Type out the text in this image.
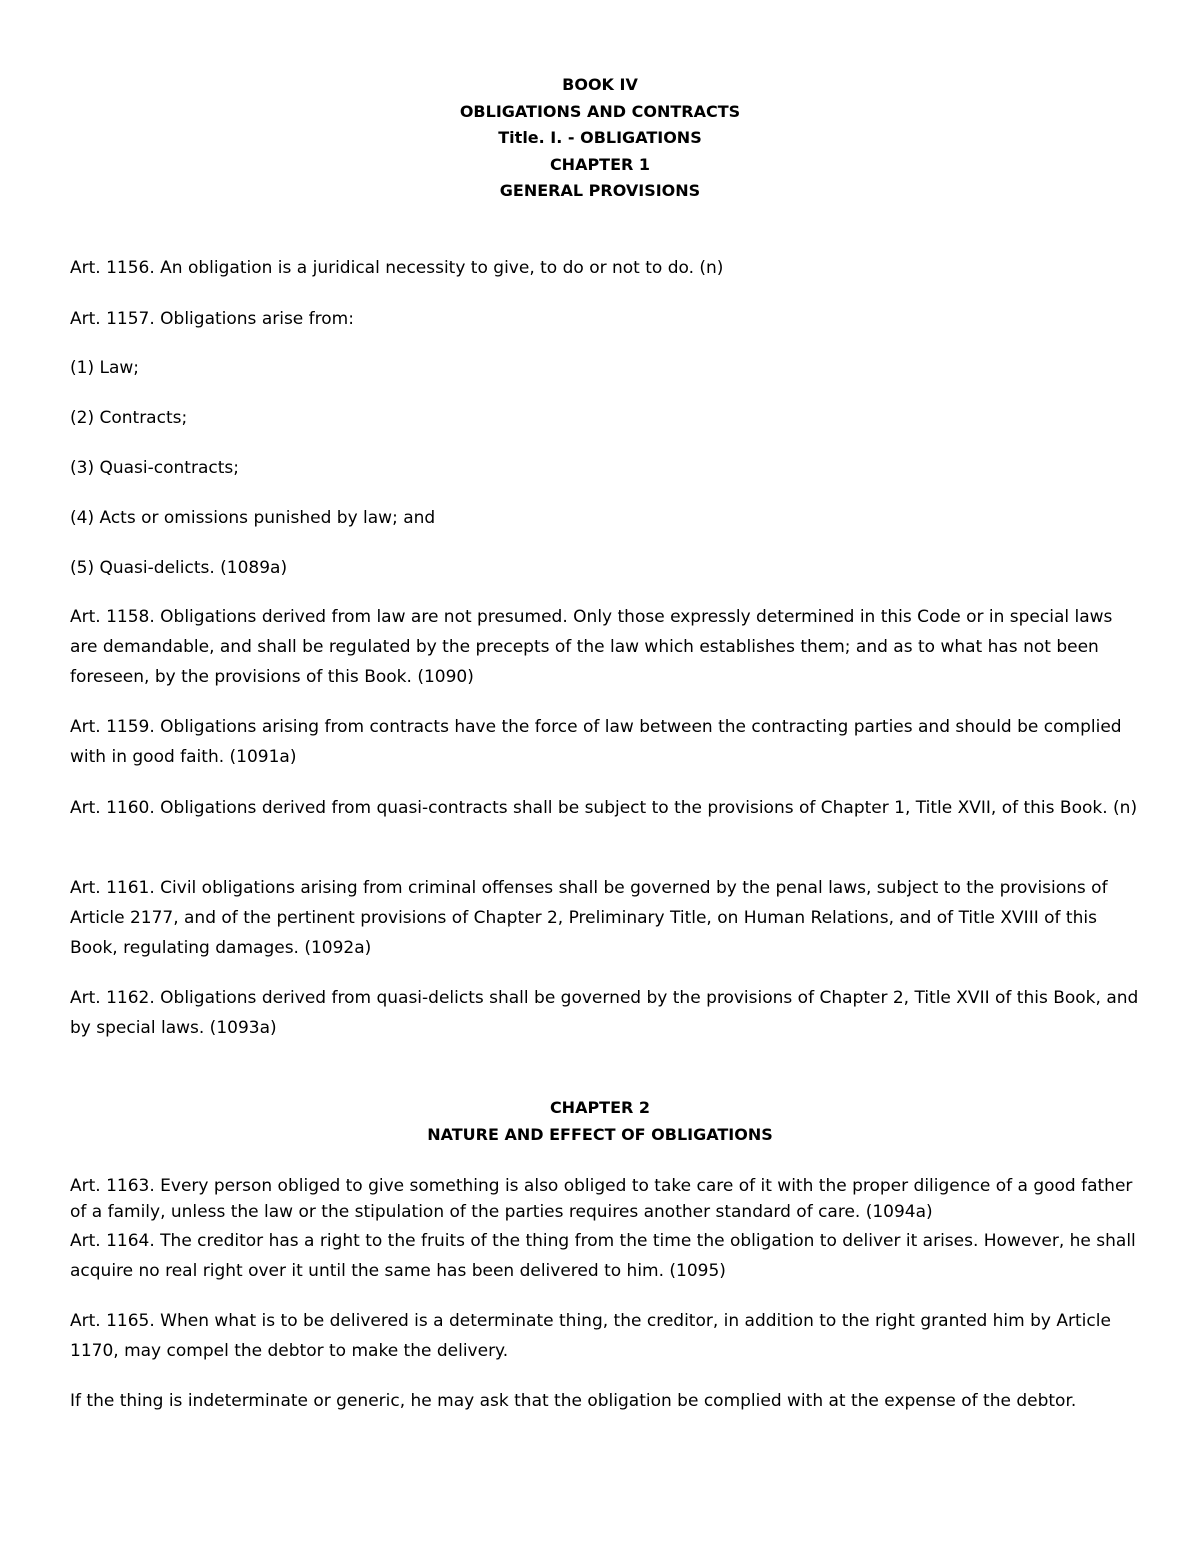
BOOK IV
OBLIGATIONS AND CONTRACTS
Title. I. - OBLIGATIONS
CHAPTER 1
GENERAL PROVISIONS

Art. 1156. An obligation is a juridical necessity to give, to do or not to do. (n)

Art. 1157. Obligations arise from:

(1) Law;

(2) Contracts;

(3) Quasi-contracts;

(4) Acts or omissions punished by law; and

(5) Quasi-delicts. (1089a)

Art. 1158. Obligations derived from law are not presumed. Only those expressly determined in this Code or in special laws are demandable, and shall be regulated by the precepts of the law which establishes them; and as to what has not been foreseen, by the provisions of this Book. (1090)

Art. 1159. Obligations arising from contracts have the force of law between the contracting parties and should be complied with in good faith. (1091a)

Art. 1160. Obligations derived from quasi-contracts shall be subject to the provisions of Chapter 1, Title XVII, of this Book. (n)

Art. 1161. Civil obligations arising from criminal offenses shall be governed by the penal laws, subject to the provisions of Article 2177, and of the pertinent provisions of Chapter 2, Preliminary Title, on Human Relations, and of Title XVIII of this Book, regulating damages. (1092a)

Art. 1162. Obligations derived from quasi-delicts shall be governed by the provisions of Chapter 2, Title XVII of this Book, and by special laws. (1093a)

CHAPTER 2
NATURE AND EFFECT OF OBLIGATIONS

Art. 1163. Every person obliged to give something is also obliged to take care of it with the proper diligence of a good father of a family, unless the law or the stipulation of the parties requires another standard of care. (1094a)

Art. 1164. The creditor has a right to the fruits of the thing from the time the obligation to deliver it arises. However, he shall acquire no real right over it until the same has been delivered to him. (1095)

Art. 1165. When what is to be delivered is a determinate thing, the creditor, in addition to the right granted him by Article 1170, may compel the debtor to make the delivery.

If the thing is indeterminate or generic, he may ask that the obligation be complied with at the expense of the debtor.
